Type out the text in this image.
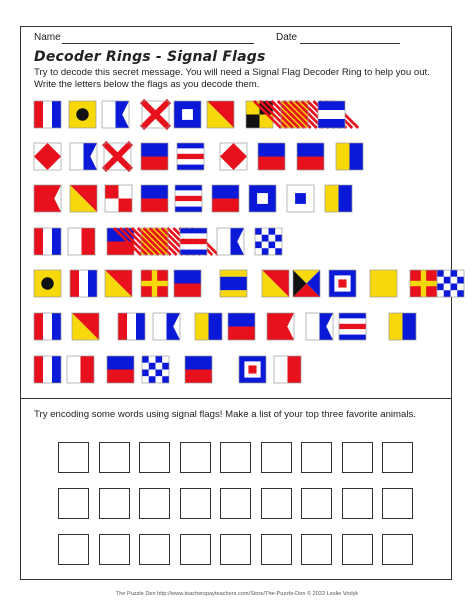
Name	Date
Decoder Rings - Signal Flags
Try to decode this secret message. You will need a Signal Flag Decoder Ring to help you out. Write the letters below the flags as you decode them.
Try encoding some words using signal flags! Make a list of your top three favorite animals.
The Puzzle Den http://www.teacherspayteachers.com/Store/The-Puzzle-Den © 2022 Leslie Vrolyk
